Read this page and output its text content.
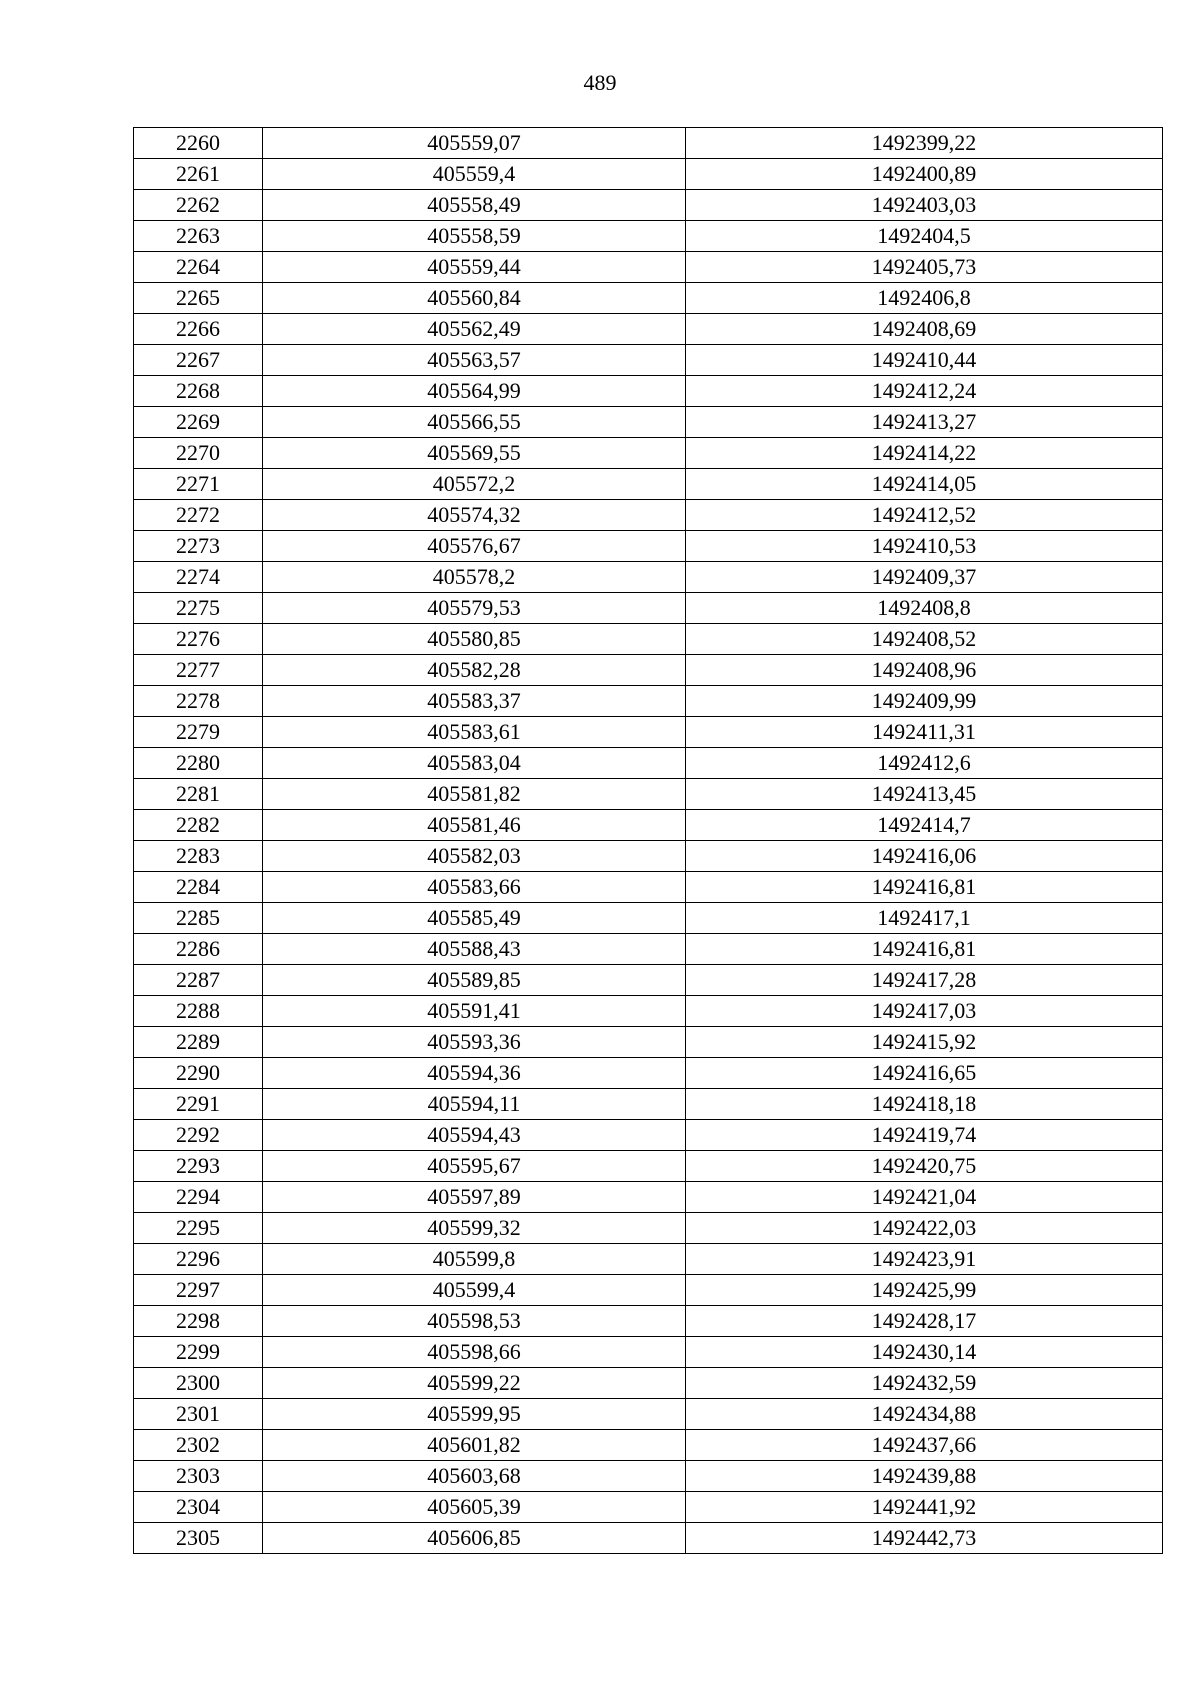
489
2260	405559,07	1492399,22
2261	405559,4	1492400,89
2262	405558,49	1492403,03
2263	405558,59	1492404,5
2264	405559,44	1492405,73
2265	405560,84	1492406,8
2266	405562,49	1492408,69
2267	405563,57	1492410,44
2268	405564,99	1492412,24
2269	405566,55	1492413,27
2270	405569,55	1492414,22
2271	405572,2	1492414,05
2272	405574,32	1492412,52
2273	405576,67	1492410,53
2274	405578,2	1492409,37
2275	405579,53	1492408,8
2276	405580,85	1492408,52
2277	405582,28	1492408,96
2278	405583,37	1492409,99
2279	405583,61	1492411,31
2280	405583,04	1492412,6
2281	405581,82	1492413,45
2282	405581,46	1492414,7
2283	405582,03	1492416,06
2284	405583,66	1492416,81
2285	405585,49	1492417,1
2286	405588,43	1492416,81
2287	405589,85	1492417,28
2288	405591,41	1492417,03
2289	405593,36	1492415,92
2290	405594,36	1492416,65
2291	405594,11	1492418,18
2292	405594,43	1492419,74
2293	405595,67	1492420,75
2294	405597,89	1492421,04
2295	405599,32	1492422,03
2296	405599,8	1492423,91
2297	405599,4	1492425,99
2298	405598,53	1492428,17
2299	405598,66	1492430,14
2300	405599,22	1492432,59
2301	405599,95	1492434,88
2302	405601,82	1492437,66
2303	405603,68	1492439,88
2304	405605,39	1492441,92
2305	405606,85	1492442,73
